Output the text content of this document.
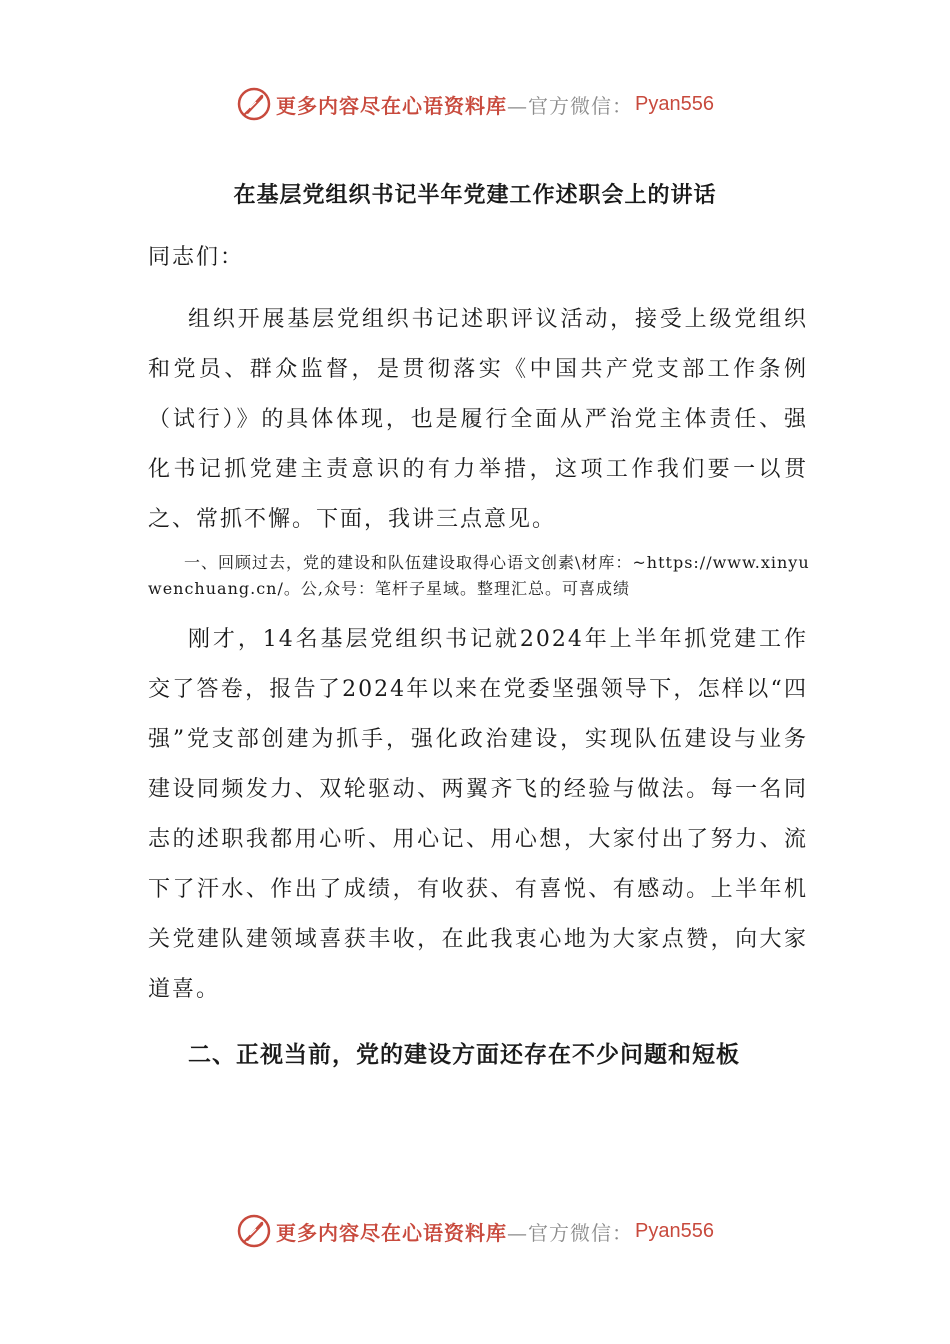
更多内容尽在心语资料库 —官方微信： Pyan556
在基层党组织书记半年党建工作述职会上的讲话
同志们：

组织开展基层党组织书记述职评议活动，接受上级党组织和党员、群众监督，是贯彻落实《中国共产党支部工作条例（试行）》的具体体现，也是履行全面从严治党主体责任、强化书记抓党建主责意识的有力举措，这项工作我们要一以贯之、常抓不懈。下面，我讲三点意见。

一、回顾过去，党的建设和队伍建设取得心语文创素\材库：~https://www.xinyuwenchuang.cn/。公,众号：笔杆子星域。整理汇总。可喜成绩

刚才，14名基层党组织书记就2024年上半年抓党建工作交了答卷，报告了2024年以来在党委坚强领导下，怎样以“四强”党支部创建为抓手，强化政治建设，实现队伍建设与业务建设同频发力、双轮驱动、两翼齐飞的经验与做法。每一名同志的述职我都用心听、用心记、用心想，大家付出了努力、流下了汗水、作出了成绩，有收获、有喜悦、有感动。上半年机关党建队建领域喜获丰收，在此我衷心地为大家点赞，向大家道喜。

二、正视当前，党的建设方面还存在不少问题和短板
更多内容尽在心语资料库 —官方微信： Pyan556
